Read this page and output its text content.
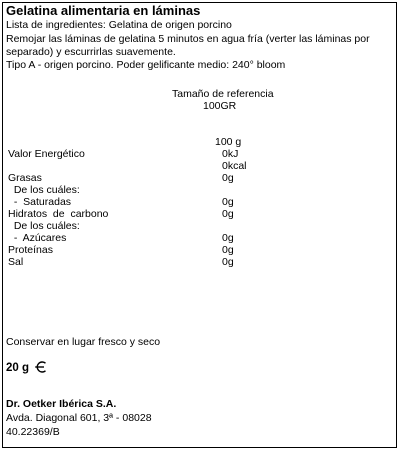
Gelatina alimentaria en láminas
Lista de ingredientes: Gelatina de origen porcino
Remojar las láminas de gelatina 5 minutos en agua fría (verter las láminas por separado) y escurrirlas suavemente.
Tipo A - origen porcino. Poder gelificante medio: 240° bloom
Tamaño de referencia
100GR
100 g
Valor Energético	0kJ
0kcal
Grasas	0g
De los cuáles:
-  Saturadas	0g
Hidratos  de  carbono	0g
De los cuáles:
-  Azúcares	0g
Proteínas	0g
Sal	0g
Conservar en lugar fresco y seco
20 g
Dr. Oetker Ibérica S.A.
Avda. Diagonal 601, 3ª - 08028
40.22369/B
